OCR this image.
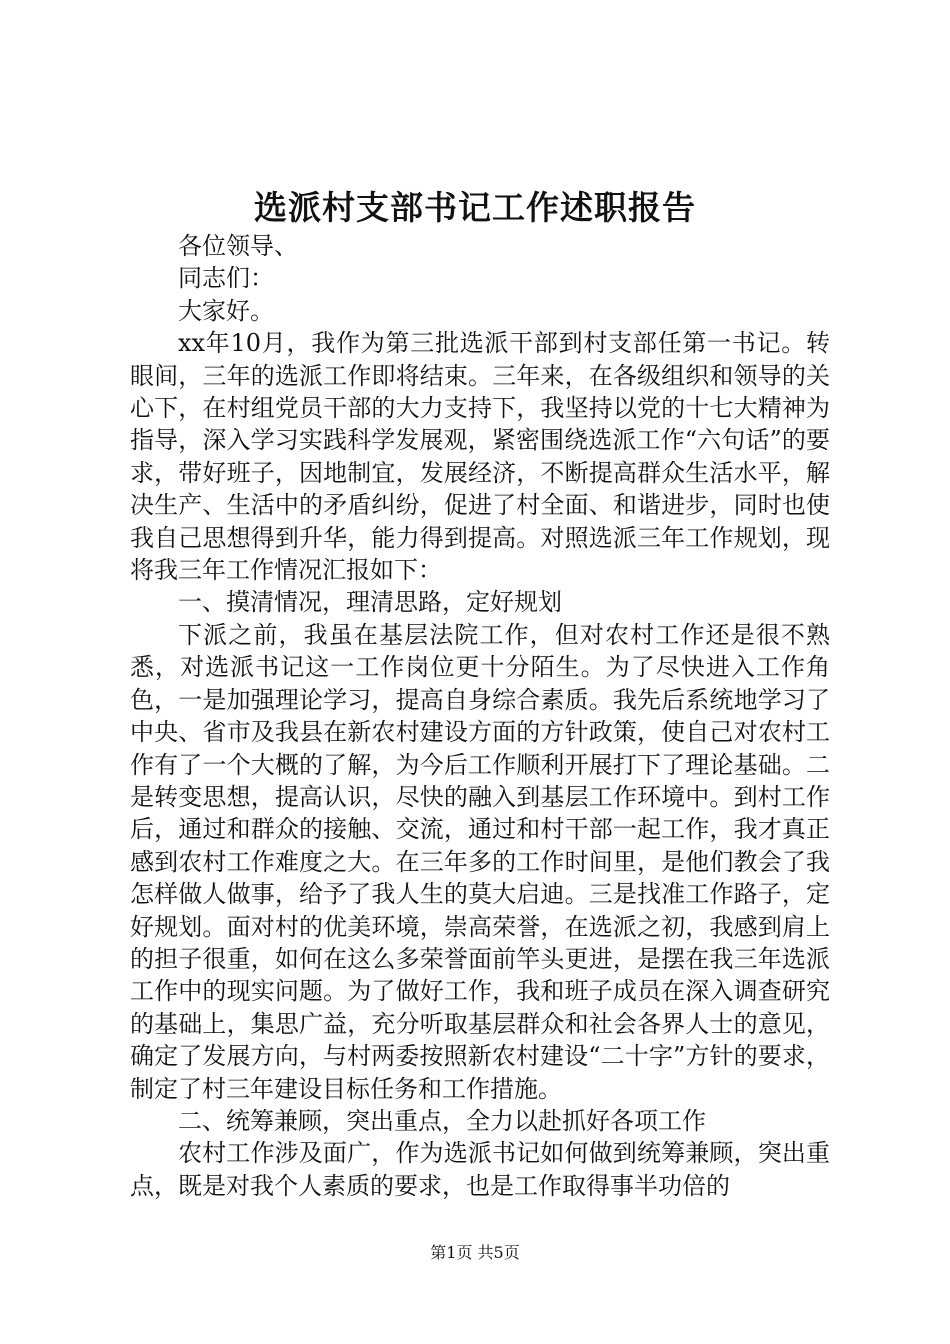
选派村支部书记工作述职报告

各位领导、

同志们：

大家好。

xx年10月，我作为第三批选派干部到村支部任第一书记。转眼间，三年的选派工作即将结束。三年来，在各级组织和领导的关心下，在村组党员干部的大力支持下，我坚持以党的十七大精神为指导，深入学习实践科学发展观，紧密围绕选派工作“六句话”的要求，带好班子，因地制宜，发展经济，不断提高群众生活水平，解决生产、生活中的矛盾纠纷，促进了村全面、和谐进步，同时也使我自己思想得到升华，能力得到提高。对照选派三年工作规划，现将我三年工作情况汇报如下：

一、摸清情况，理清思路，定好规划

下派之前，我虽在基层法院工作，但对农村工作还是很不熟悉，对选派书记这一工作岗位更十分陌生。为了尽快进入工作角色，一是加强理论学习，提高自身综合素质。我先后系统地学习了中央、省市及我县在新农村建设方面的方针政策，使自己对农村工作有了一个大概的了解，为今后工作顺利开展打下了理论基础。二是转变思想，提高认识，尽快的融入到基层工作环境中。到村工作后，通过和群众的接触、交流，通过和村干部一起工作，我才真正感到农村工作难度之大。在三年多的工作时间里，是他们教会了我怎样做人做事，给予了我人生的莫大启迪。三是找准工作路子，定好规划。面对村的优美环境，崇高荣誉，在选派之初，我感到肩上的担子很重，如何在这么多荣誉面前竿头更进，是摆在我三年选派工作中的现实问题。为了做好工作，我和班子成员在深入调查研究的基础上，集思广益，充分听取基层群众和社会各界人士的意见，确定了发展方向，与村两委按照新农村建设“二十字”方针的要求，制定了村三年建设目标任务和工作措施。

二、统筹兼顾，突出重点，全力以赴抓好各项工作

农村工作涉及面广，作为选派书记如何做到统筹兼顾，突出重点，既是对我个人素质的要求，也是工作取得事半功倍的

第1页 共5页
